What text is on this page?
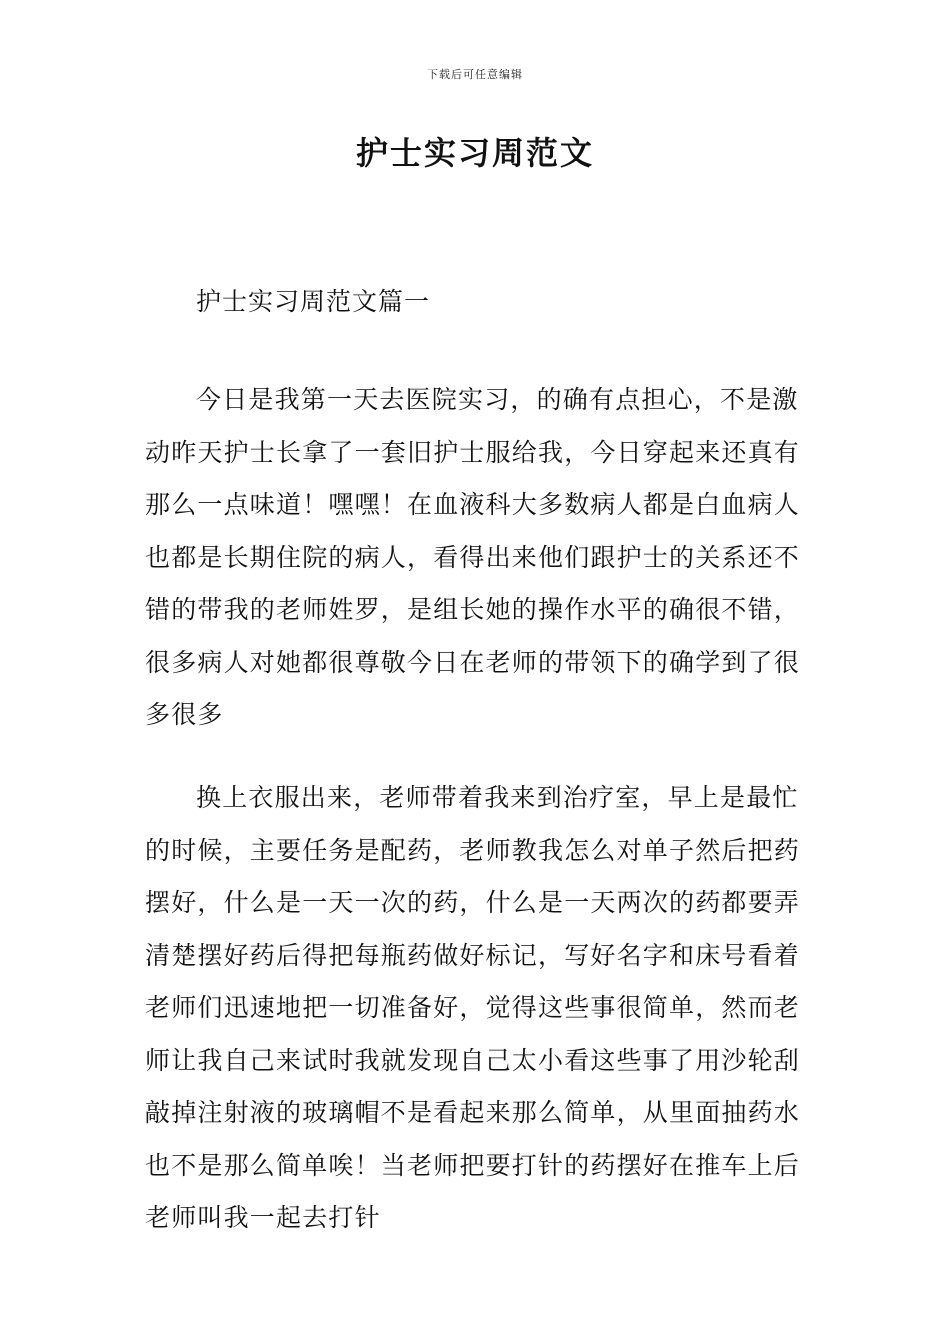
下载后可任意编辑
护士实习周范文
护士实习周范文篇一

今日是我第一天去医院实习，的确有点担心，不是激
动昨天护士长拿了一套旧护士服给我，今日穿起来还真有
那么一点味道！嘿嘿！在血液科大多数病人都是白血病人
也都是长期住院的病人，看得出来他们跟护士的关系还不
错的带我的老师姓罗，是组长她的操作水平的确很不错，
很多病人对她都很尊敬今日在老师的带领下的确学到了很
多很多

换上衣服出来，老师带着我来到治疗室，早上是最忙
的时候，主要任务是配药，老师教我怎么对单子然后把药
摆好，什么是一天一次的药，什么是一天两次的药都要弄
清楚摆好药后得把每瓶药做好标记，写好名字和床号看着
老师们迅速地把一切准备好，觉得这些事很简单，然而老
师让我自己来试时我就发现自己太小看这些事了用沙轮刮
敲掉注射液的玻璃帽不是看起来那么简单，从里面抽药水
也不是那么简单唉！当老师把要打针的药摆好在推车上后
老师叫我一起去打针
